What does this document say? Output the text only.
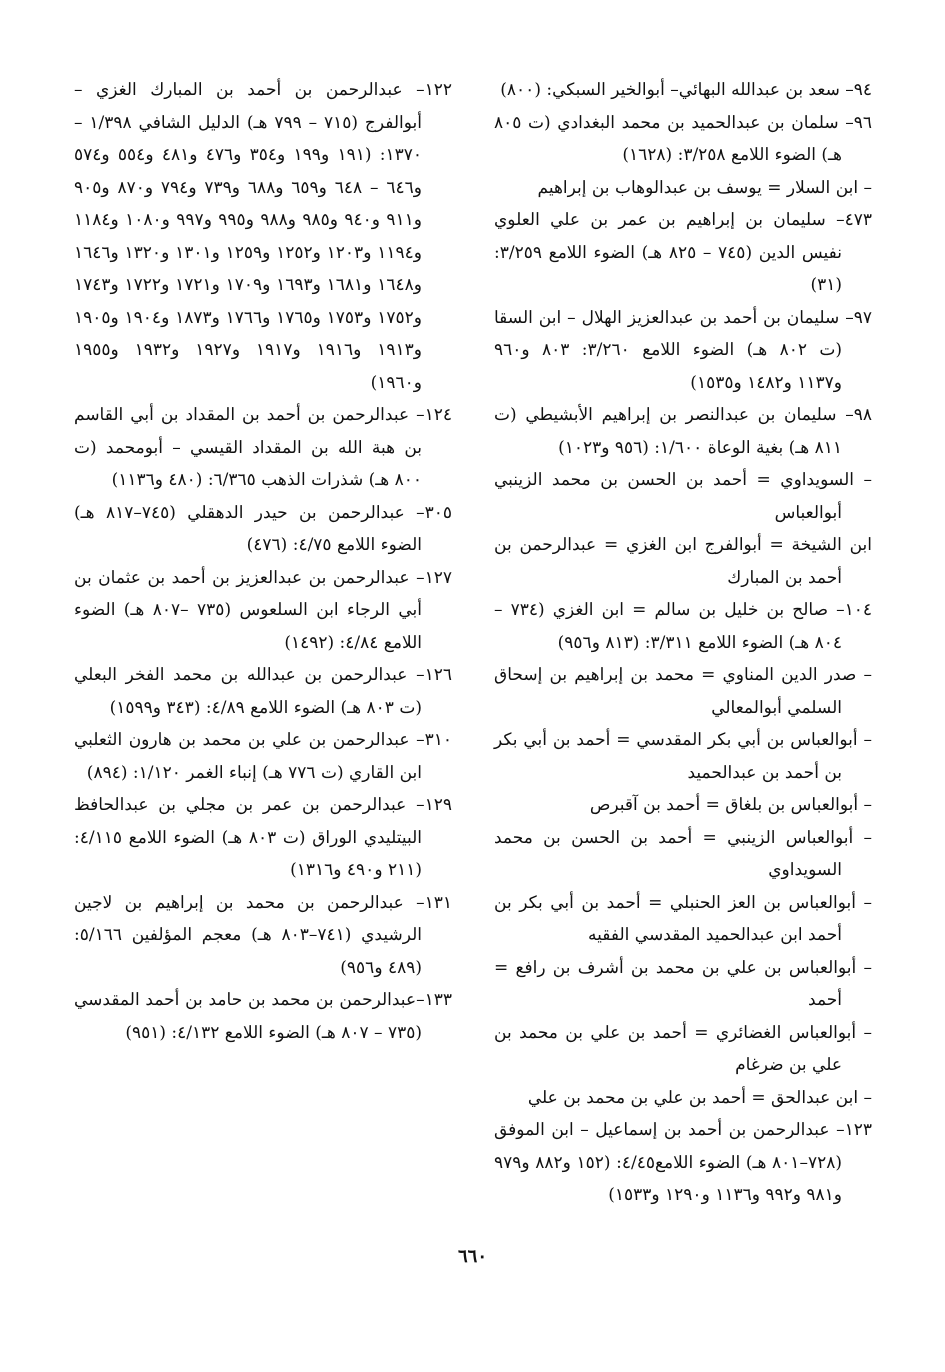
٩٤– سعد بن عبدالله البهائي– أبوالخير السبكي: (٨٠٠)

٩٦– سلمان بن عبدالحميد بن محمد البغدادي (ت ٨٠٥ هـ) الضوء اللامع ٣/٢٥٨: (١٦٢٨)

– ابن السلار = يوسف بن عبدالوهاب بن إبراهيم

٤٧٣– سليمان بن إبراهيم بن عمر بن علي العلوي نفيس الدين (٧٤٥ – ٨٢٥ هـ) الضوء اللامع ٣/٢٥٩: (٣١)

٩٧– سليمان بن أحمد بن عبدالعزيز الهلال – ابن السقا (ت ٨٠٢ هـ) الضوء اللامع ٣/٢٦٠: ٨٠٣ و٩٦٠ و١١٣٧ و١٤٨٢ و١٥٣٥)

٩٨– سليمان بن عبدالنصر بن إبراهيم الأبشيطي (ت ٨١١ هـ) بغية الوعاة ١/٦٠٠: (٩٥٦ و١٠٢٣)

– السويداوي = أحمد بن الحسن بن محمد الزينبي أبوالعباس

ابن الشيخة = أبوالفرج ابن الغزي = عبدالرحمن بن أحمد بن المبارك

١٠٤– صالح بن خليل بن سالم = ابن الغزي (٧٣٤ – ٨٠٤ هـ) الضوء اللامع ٣/٣١١: (٨١٣ و٩٥٦)

– صدر الدين المناوي = محمد بن إبراهيم بن إسحاق السلمي أبوالمعالي

– أبوالعباس بن أبي بكر المقدسي = أحمد بن أبي بكر بن أحمد بن عبدالحميد

– أبوالعباس بن بلغاق = أحمد بن آقبرص

– أبوالعباس الزينبي = أحمد بن الحسن بن محمد السويداوي

– أبوالعباس بن العز الحنبلي = أحمد بن أبي بكر بن أحمد ابن عبدالحميد المقدسي الفقيه

– أبوالعباس بن علي بن محمد بن أشرف بن رافع = أحمد

– أبوالعباس الغضائري = أحمد بن علي بن محمد بن علي بن ضرغام

– ابن عبدالحق = أحمد بن علي بن محمد بن علي

١٢٣– عبدالرحمن بن أحمد بن إسماعيل – ابن الموفق (٧٢٨–٨٠١ هـ) الضوء اللامع٤/٤٥: (١٥٢ و٨٨٢ و٩٧٩ و٩٨١ و٩٩٢ و١١٣٦ و١٢٩٠ و١٥٣٣)

١٢٢– عبدالرحمن بن أحمد بن المبارك الغزي – أبوالفرج (٧١٥ – ٧٩٩ هـ) الدليل الشافي ١/٣٩٨ – ١٣٧٠: (١٩١ و١٩٩ و٣٥٤ و٤٧٦ و٤٨١ و٥٥٤ و٥٧٤ و٦٤٦ – ٦٤٨ و٦٥٩ و٦٨٨ و٧٣٩ و٧٩٤ و٨٧٠ و٩٠٥ و٩١١ و٩٤٠ و٩٨٥ و٩٨٨ و٩٩٥ و٩٩٧ و١٠٨٠ و١١٨٤ و١١٩٤ و١٢٠٣ و١٢٥٢ و١٢٥٩ و١٣٠١ و١٣٢٠ و١٦٤٦ و١٦٤٨ و١٦٨١ و١٦٩٣ و١٧٠٩ و١٧٢١ و١٧٢٢ و١٧٤٣ و١٧٥٢ و١٧٥٣ و١٧٦٥ و١٧٦٦ و١٨٧٣ و١٩٠٤ و١٩٠٥ و١٩١٣ و١٩١٦ و١٩١٧ و١٩٢٧ و١٩٣٢ و١٩٥٥ و١٩٦٠)

١٢٤– عبدالرحمن بن أحمد بن المقداد بن أبي القاسم بن هبة الله بن المقداد القيسي – أبومحمد (ت ٨٠٠ هـ) شذرات الذهب ٦/٣٦٥: (٤٨٠ و١١٣٦)

٣٠٥– عبدالرحمن بن حيدر الدهقلي (٧٤٥–٨١٧ هـ) الضوء اللامع ٤/٧٥: (٤٧٦)

١٢٧– عبدالرحمن بن عبدالعزيز بن أحمد بن عثمان بن أبي الرجاء ابن السلعوس (٧٣٥ –٨٠٧ هـ) الضوء اللامع ٤/٨٤: (١٤٩٢)

١٢٦– عبدالرحمن بن عبدالله بن محمد الفخر البعلي (ت ٨٠٣ هـ) الضوء اللامع ٤/٨٩: (٣٤٣ و١٥٩٩)

٣١٠– عبدالرحمن بن علي بن محمد بن هارون الثعلبي ابن القاري (ت ٧٧٦ هـ) إنباء الغمر ١/١٢٠: (٨٩٤)

١٢٩– عبدالرحمن بن عمر بن مجلي بن عبدالحافظ البيتليدي الوراق (ت ٨٠٣ هـ) الضوء اللامع ٤/١١٥: (٢١١ و٤٩٠ و١٣١٦)

١٣١– عبدالرحمن بن محمد بن إبراهيم بن لاجين الرشيدي (٧٤١–٨٠٣ هـ) معجم المؤلفين ٥/١٦٦: (٤٨٩ و٩٥٦)

١٣٣–عبدالرحمن بن محمد بن حامد بن أحمد المقدسي (٧٣٥ – ٨٠٧ هـ) الضوء اللامع ٤/١٣٢: (٩٥١)

٦٦٠
